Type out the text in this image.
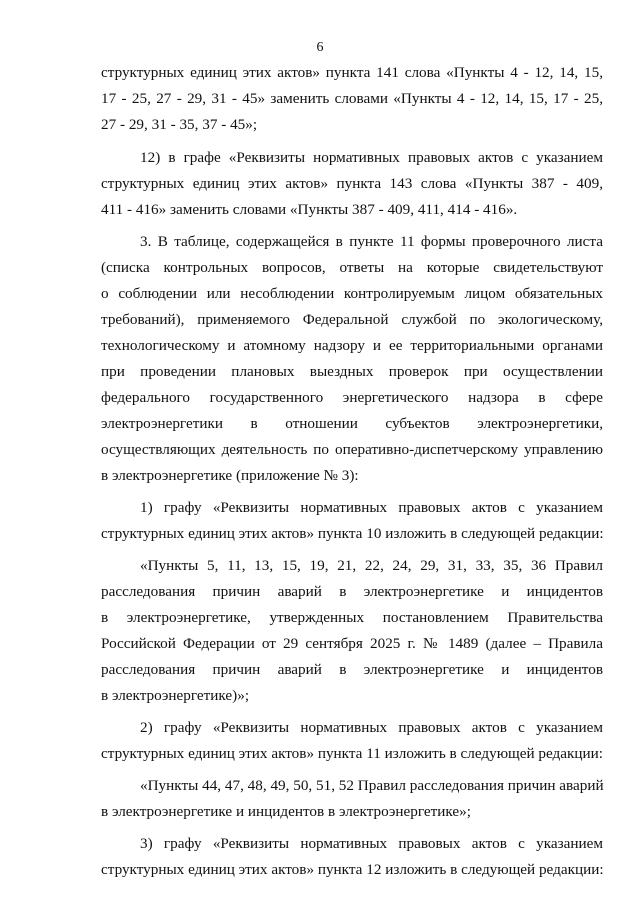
6
структурных единиц этих актов» пункта 141 слова «Пункты 4 - 12, 14, 15,
17 - 25, 27 - 29, 31 - 45» заменить словами «Пункты 4 - 12, 14, 15, 17 - 25,
27 - 29, 31 - 35, 37 - 45»;
12) в графе «Реквизиты нормативных правовых актов с указанием
структурных единиц этих актов» пункта 143 слова «Пункты 387 - 409,
411 - 416» заменить словами «Пункты 387 - 409, 411, 414 - 416».
3. В таблице, содержащейся в пункте 11 формы проверочного листа
(списка контрольных вопросов, ответы на которые свидетельствуют
о соблюдении или несоблюдении контролируемым лицом обязательных
требований), применяемого Федеральной службой по экологическому,
технологическому и атомному надзору и ее территориальными органами
при проведении плановых выездных проверок при осуществлении
федерального государственного энергетического надзора в сфере
электроэнергетики в отношении субъектов электроэнергетики,
осуществляющих деятельность по оперативно-диспетчерскому управлению
в электроэнергетике (приложение № 3):
1) графу «Реквизиты нормативных правовых актов с указанием
структурных единиц этих актов» пункта 10 изложить в следующей редакции:
«Пункты 5, 11, 13, 15, 19, 21, 22, 24, 29, 31, 33, 35, 36 Правил
расследования причин аварий в электроэнергетике и инцидентов
в электроэнергетике, утвержденных постановлением Правительства
Российской Федерации от 29 сентября 2025 г. № 1489 (далее – Правила
расследования причин аварий в электроэнергетике и инцидентов
в электроэнергетике)»;
2) графу «Реквизиты нормативных правовых актов с указанием
структурных единиц этих актов» пункта 11 изложить в следующей редакции:
«Пункты 44, 47, 48, 49, 50, 51, 52 Правил расследования причин аварий
в электроэнергетике и инцидентов в электроэнергетике»;
3) графу «Реквизиты нормативных правовых актов с указанием
структурных единиц этих актов» пункта 12 изложить в следующей редакции:
